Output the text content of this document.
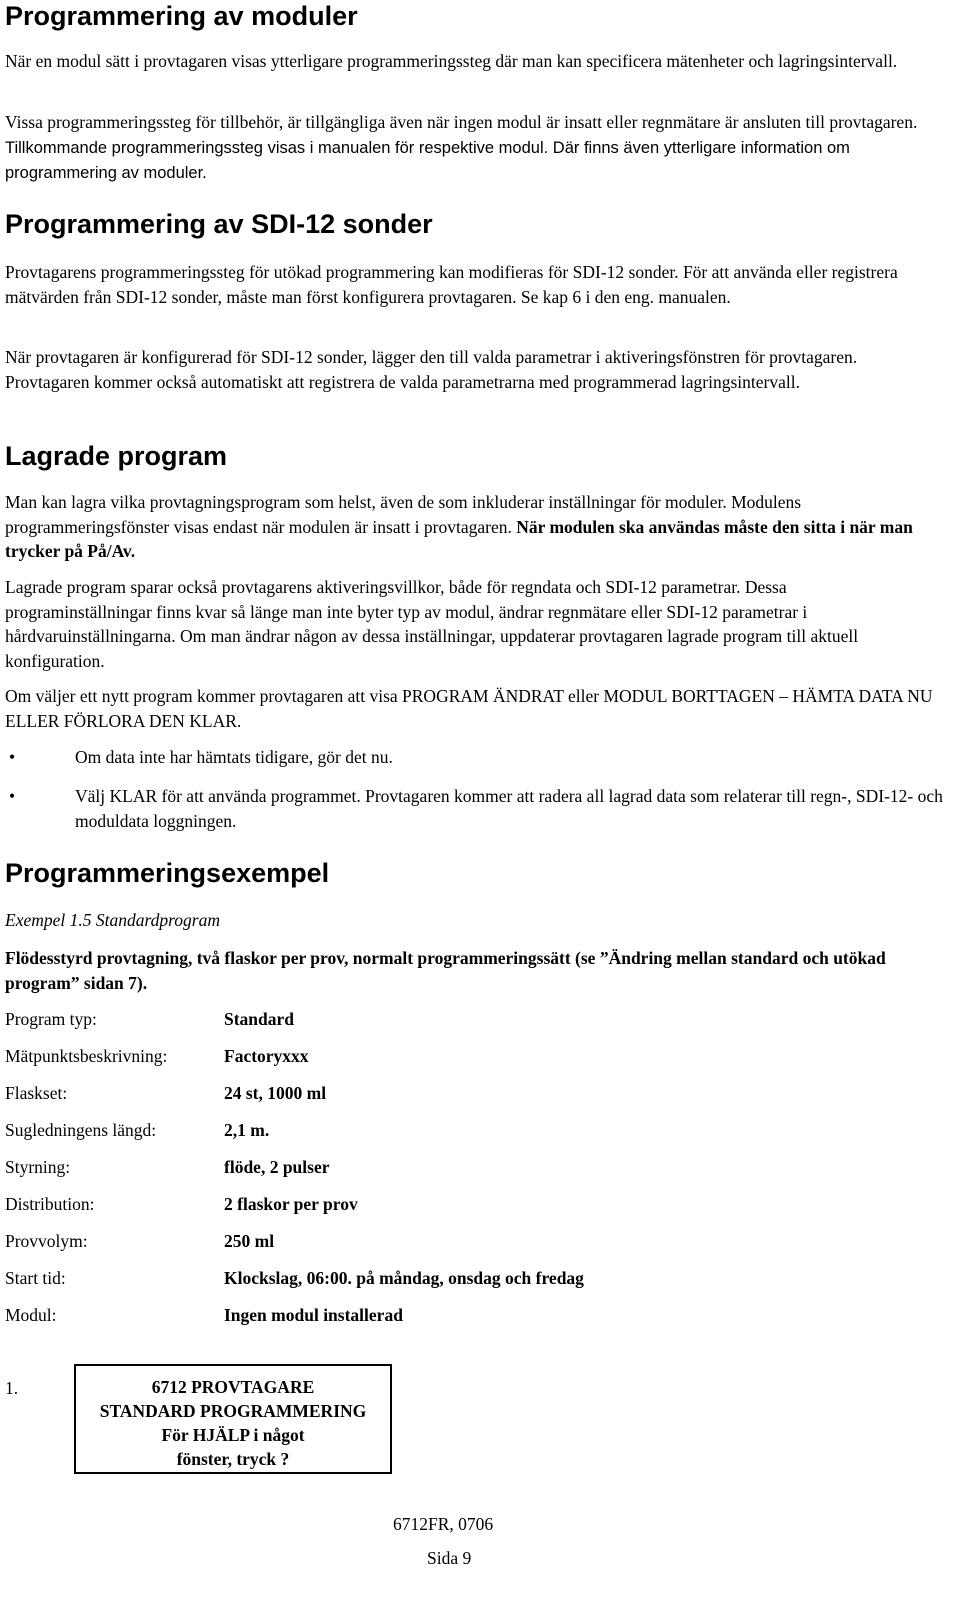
Programmering av moduler

När en modul sätt i provtagaren visas ytterligare programmeringssteg där man kan specificera mätenheter och lagringsintervall.

Vissa programmeringssteg för tillbehör, är tillgängliga även när ingen modul är insatt eller regnmätare är ansluten till provtagaren. Tillkommande programmeringssteg visas i manualen för respektive modul. Där finns även ytterligare information om programmering av moduler.

Programmering av SDI-12 sonder

Provtagarens programmeringssteg för utökad programmering kan modifieras för SDI-12 sonder. För att använda eller registrera mätvärden från SDI-12 sonder, måste man först konfigurera provtagaren. Se kap 6 i den eng. manualen.

När provtagaren är konfigurerad för SDI-12 sonder, lägger den till valda parametrar i aktiveringsfönstren för provtagaren. Provtagaren kommer också automatiskt att registrera de valda parametrarna med programmerad lagringsintervall.

Lagrade program

Man kan lagra vilka provtagningsprogram som helst, även de som inkluderar inställningar för moduler. Modulens programmeringsfönster visas endast när modulen är insatt i provtagaren. När modulen ska användas måste den sitta i när man trycker på På/Av.

Lagrade program sparar också provtagarens aktiveringsvillkor, både för regndata och SDI-12 parametrar. Dessa programinställningar finns kvar så länge man inte byter typ av modul, ändrar regnmätare eller SDI-12 parametrar i hårdvaruinställningarna. Om man ändrar någon av dessa inställningar, uppdaterar provtagaren lagrade program till aktuell konfiguration.

Om väljer ett nytt program kommer provtagaren att visa PROGRAM ÄNDRAT eller MODUL BORTTAGEN – HÄMTA DATA NU ELLER FÖRLORA DEN KLAR.

•	Om data inte har hämtats tidigare, gör det nu.
•	Välj KLAR för att använda programmet. Provtagaren kommer att radera all lagrad data som relaterar till regn-, SDI-12- och moduldata loggningen.
Programmeringsexempel

Exempel 1.5 Standardprogram

Flödesstyrd provtagning, två flaskor per prov, normalt programmeringssätt (se ”Ändring mellan standard och utökad program” sidan 7).

Program typ:	Standard
Mätpunktsbeskrivning:	Factoryxxx
Flaskset:	24 st, 1000 ml
Sugledningens längd:	2,1 m.
Styrning:	flöde, 2 pulser
Distribution:	2 flaskor per prov
Provvolym:	250 ml
Start tid:	Klockslag, 06:00. på måndag, onsdag och fredag
Modul:	Ingen modul installerad
1.	6712 PROVTAGARE
STANDARD PROGRAMMERING
För HJÄLP i något
fönster, tryck ?
6712FR, 0706
Sida 9
